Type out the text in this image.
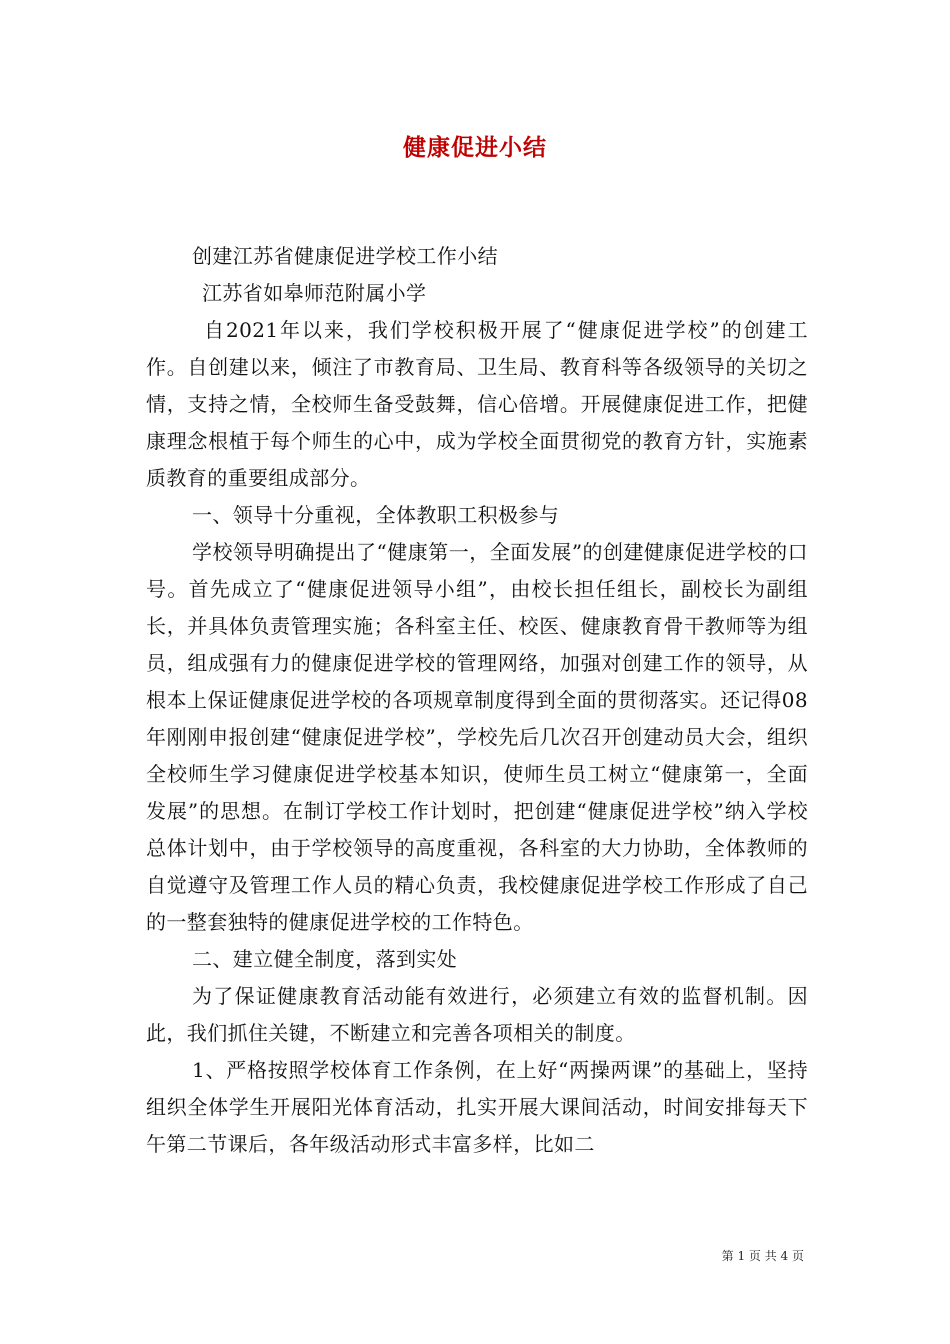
健康促进小结

创建江苏省健康促进学校工作小结

江苏省如皋师范附属小学

自2021年以来，我们学校积极开展了“健康促进学校”的创建工作。自创建以来，倾注了市教育局、卫生局、教育科等各级领导的关切之情，支持之情，全校师生备受鼓舞，信心倍增。开展健康促进工作，把健康理念根植于每个师生的心中，成为学校全面贯彻党的教育方针，实施素质教育的重要组成部分。

一、领导十分重视，全体教职工积极参与

学校领导明确提出了“健康第一，全面发展”的创建健康促进学校的口号。首先成立了“健康促进领导小组”，由校长担任组长，副校长为副组长，并具体负责管理实施；各科室主任、校医、健康教育骨干教师等为组员，组成强有力的健康促进学校的管理网络，加强对创建工作的领导，从根本上保证健康促进学校的各项规章制度得到全面的贯彻落实。还记得08年刚刚申报创建“健康促进学校”，学校先后几次召开创建动员大会，组织全校师生学习健康促进学校基本知识，使师生员工树立“健康第一，全面发展”的思想。在制订学校工作计划时，把创建“健康促进学校”纳入学校总体计划中，由于学校领导的高度重视，各科室的大力协助，全体教师的自觉遵守及管理工作人员的精心负责，我校健康促进学校工作形成了自己的一整套独特的健康促进学校的工作特色。

二、建立健全制度，落到实处

为了保证健康教育活动能有效进行，必须建立有效的监督机制。因此，我们抓住关键，不断建立和完善各项相关的制度。

1、严格按照学校体育工作条例，在上好“两操两课”的基础上，坚持组织全体学生开展阳光体育活动，扎实开展大课间活动，时间安排每天下午第二节课后，各年级活动形式丰富多样，比如二

第 1 页 共 4 页
